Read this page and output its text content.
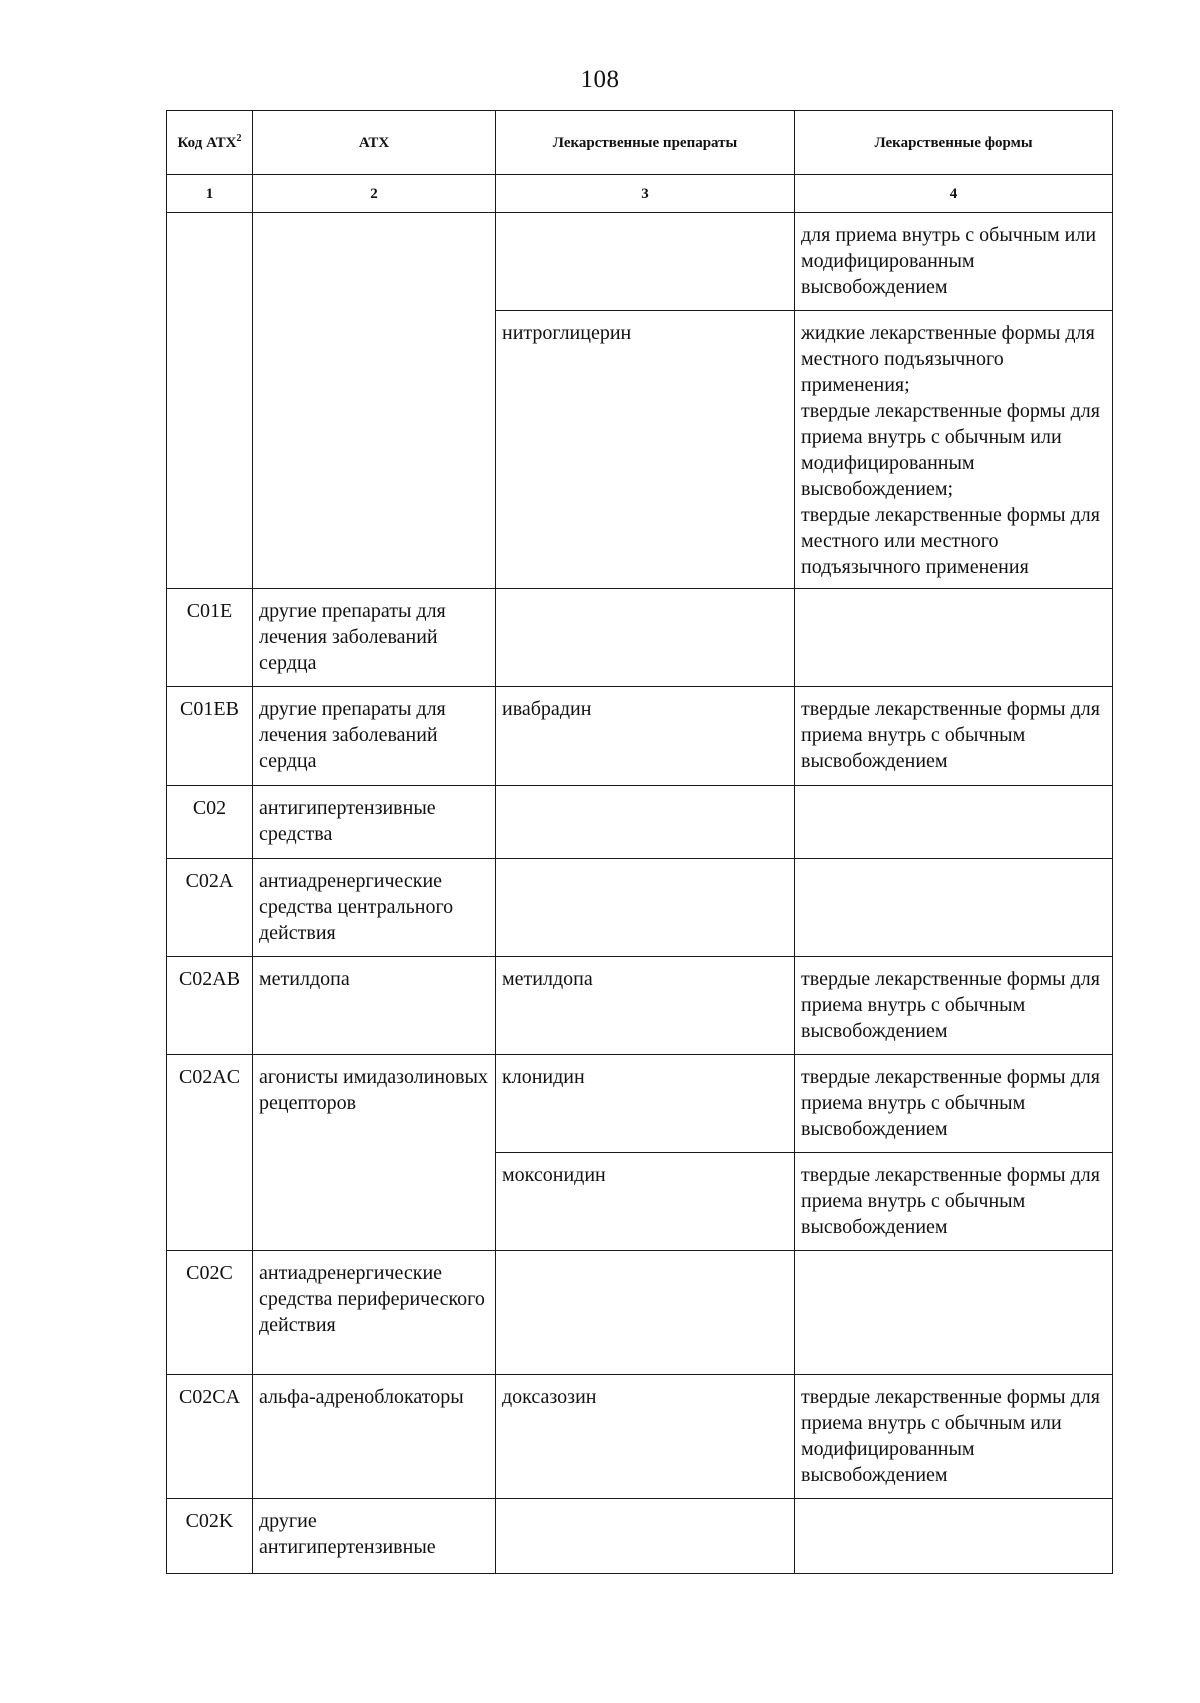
108
Код АТХ$^2$	АТХ	Лекарственные препараты	Лекарственные формы
1	2	3	4
			для приема внутрь с обычным или модифицированным высвобождением
		нитроглицерин	жидкие лекарственные формы для местного подъязычного применения;
твердые лекарственные формы для приема внутрь с обычным или модифицированным высвобождением;
твердые лекарственные формы для местного или местного подъязычного применения

C01E	другие препараты для лечения заболеваний сердца		
C01EB	другие препараты для лечения заболеваний сердца	ивабрадин	твердые лекарственные формы для приема внутрь с обычным высвобождением
C02	антигипертензивные средства		
C02A	антиадренергические средства центрального действия		
C02AB	метилдопа	метилдопа	твердые лекарственные формы для приема внутрь с обычным высвобождением
C02AC	агонисты имидазолиновых рецепторов	клонидин	твердые лекарственные формы для приема внутрь с обычным высвобождением
		моксонидин	твердые лекарственные формы для приема внутрь с обычным высвобождением
C02C	антиадренергические средства периферического действия		
C02CA	альфа-адреноблокаторы	доксазозин	твердые лекарственные формы для приема внутрь с обычным или модифицированным высвобождением
C02K	другие антигипертензивные		
